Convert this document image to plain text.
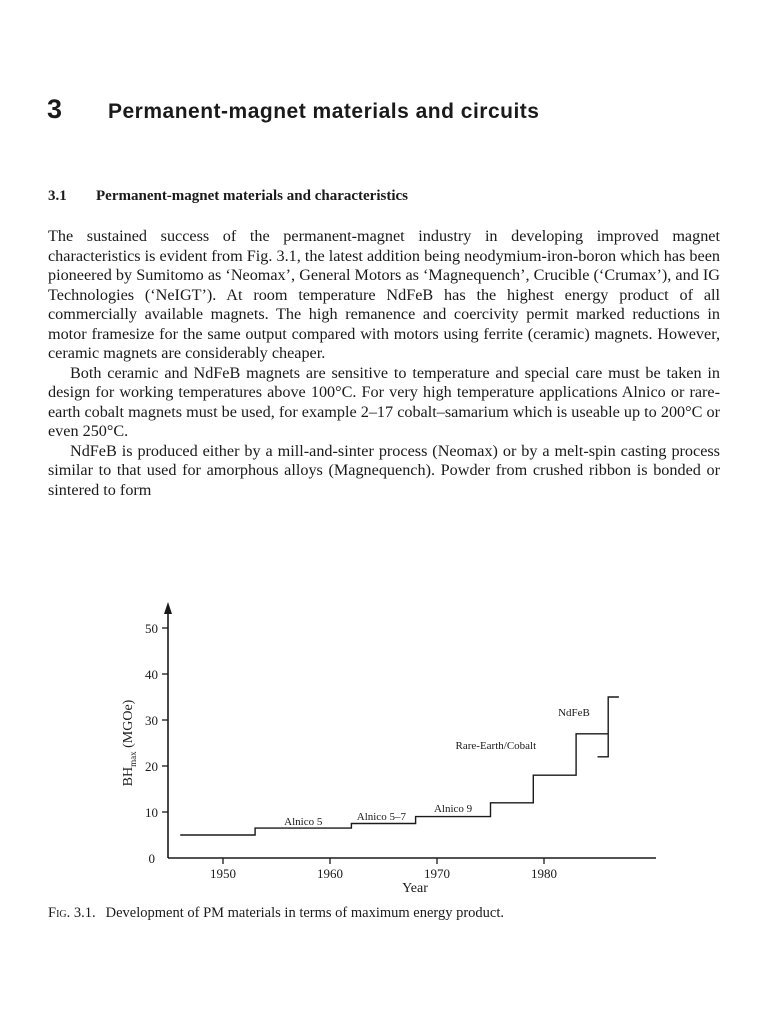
3 Permanent-magnet materials and circuits
3.1 Permanent-magnet materials and characteristics

The sustained success of the permanent-magnet industry in developing improved magnet characteristics is evident from Fig. 3.1, the latest addition being neodymium-iron-boron which has been pioneered by Sumitomo as ‘Neomax’, General Motors as ‘Magnequench’, Crucible (‘Crumax’), and IG Technologies (‘NeIGT’). At room temperature NdFeB has the highest energy product of all commercially available magnets. The high remanence and coercivity permit marked reductions in motor framesize for the same output compared with motors using ferrite (ceramic) magnets. However, ceramic magnets are considerably cheaper.

Both ceramic and NdFeB magnets are sensitive to temperature and special care must be taken in design for working temperatures above 100°C. For very high temperature applications Alnico or rare-earth cobalt magnets must be used, for example 2–17 cobalt–samarium which is useable up to 200°C or even 250°C.

NdFeB is produced either by a mill-and-sinter process (Neomax) or by a melt-spin casting process similar to that used for amorphous alloys (Magnequench). Powder from crushed ribbon is bonded or sintered to form

0
10
20
30
40
50
1950	1960	1970	1980
Alnico 5	Alnico 5–7
Alnico 9
Rare-Earth/Cobalt
NdFeB
Year
$BH_{max}$ (MGOe)
Fig. 3.1. Development of PM materials in terms of maximum energy product.
